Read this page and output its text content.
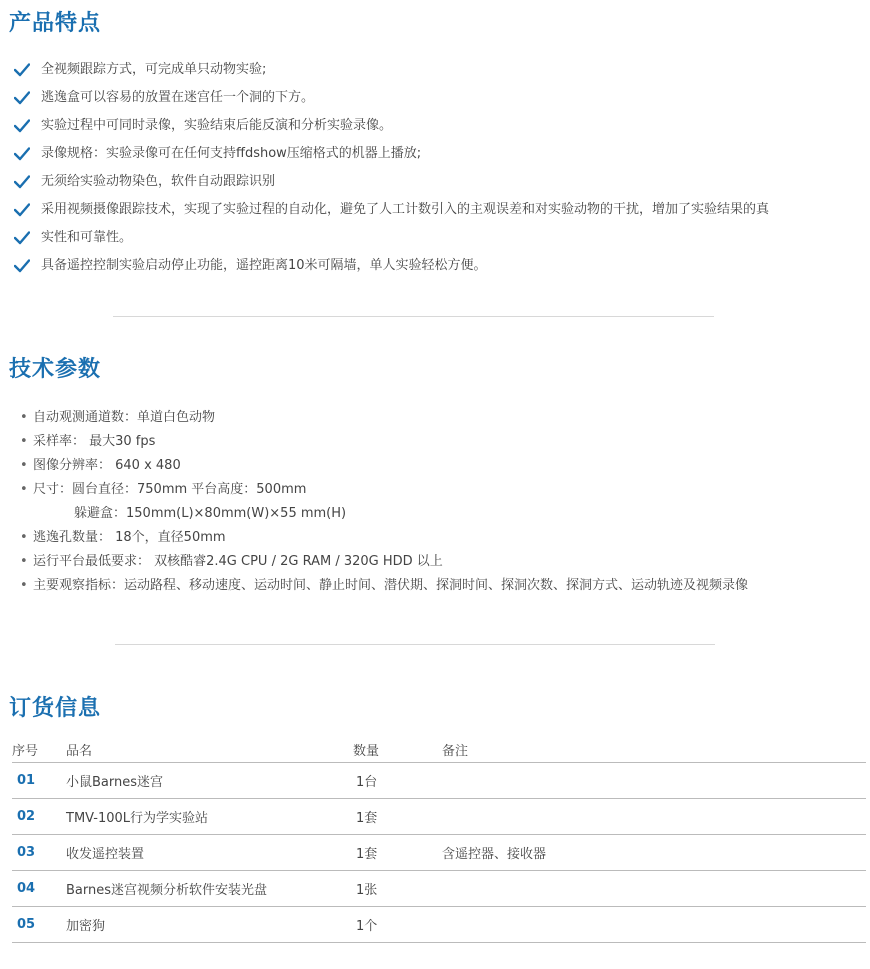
产品特点
全视频跟踪方式，可完成单只动物实验;
逃逸盒可以容易的放置在迷宫任一个洞的下方。
实验过程中可同时录像，实验结束后能反演和分析实验录像。
录像规格：实验录像可在任何支持ffdshow压缩格式的机器上播放;
无须给实验动物染色，软件自动跟踪识别
采用视频摄像跟踪技术，实现了实验过程的自动化，避免了人工计数引入的主观误差和对实验动物的干扰，增加了实验结果的真
实性和可靠性。
具备遥控控制实验启动停止功能，遥控距离10米可隔墙，单人实验轻松方便。
技术参数
• 自动观测通道数：单道白色动物
• 采样率： 最大30 fps
• 图像分辨率： 640 x 480
• 尺寸：圆台直径：750mm 平台高度：500mm
躲避盒：150mm(L)×80mm(W)×55 mm(H)
• 逃逸孔数量： 18个，直径50mm
• 运行平台最低要求： 双核酷睿2.4G CPU / 2G RAM / 320G HDD 以上
• 主要观察指标：运动路程、移动速度、运动时间、静止时间、潜伏期、探洞时间、探洞次数、探洞方式、运动轨迹及视频录像
订货信息
序号	品名	数量	备注
01	小鼠Barnes迷宫	1台	
02	TMV-100L行为学实验站	1套	
03	收发遥控装置	1套	含遥控器、接收器
04	Barnes迷宫视频分析软件安装光盘	1张	
05	加密狗	1个	
